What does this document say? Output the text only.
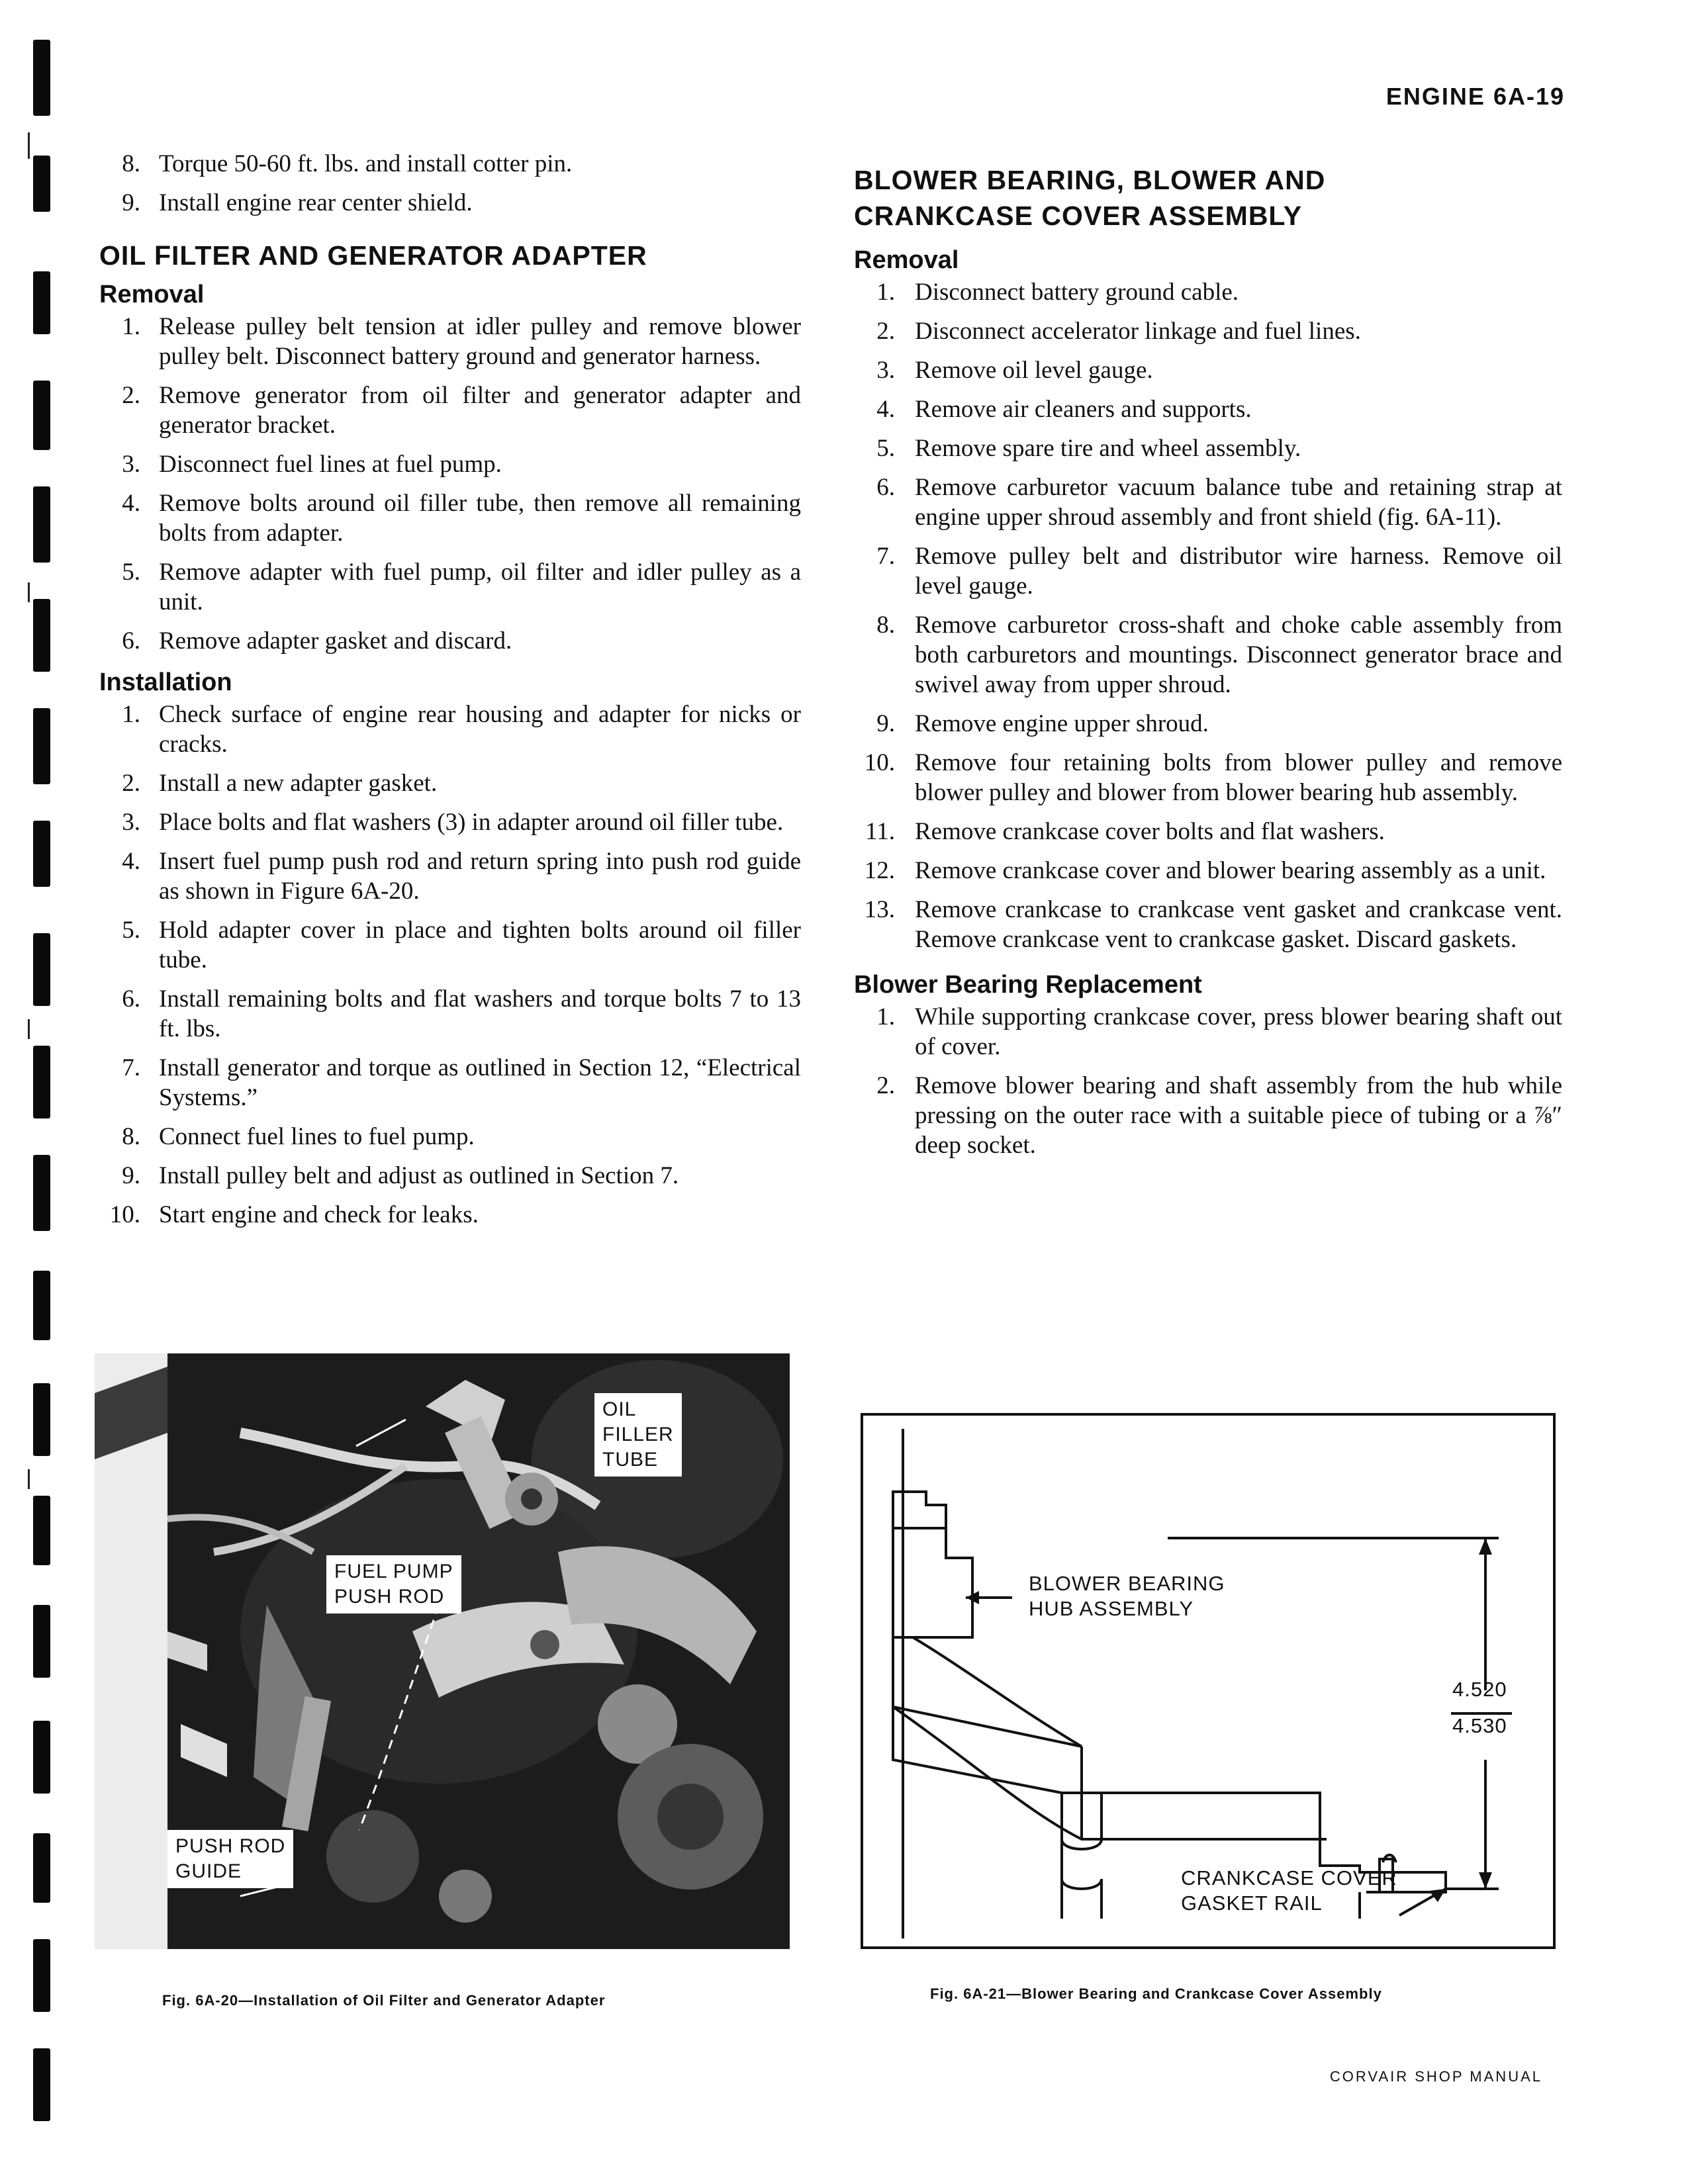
ENGINE 6A-19
8. Torque 50-60 ft. lbs. and install cotter pin.
9. Install engine rear center shield.
OIL FILTER AND GENERATOR ADAPTER
Removal
1. Release pulley belt tension at idler pulley and remove blower pulley belt. Disconnect battery ground and generator harness.
2. Remove generator from oil filter and generator adapter and generator bracket.
3. Disconnect fuel lines at fuel pump.
4. Remove bolts around oil filler tube, then remove all remaining bolts from adapter.
5. Remove adapter with fuel pump, oil filter and idler pulley as a unit.
6. Remove adapter gasket and discard.
Installation
1. Check surface of engine rear housing and adapter for nicks or cracks.
2. Install a new adapter gasket.
3. Place bolts and flat washers (3) in adapter around oil filler tube.
4. Insert fuel pump push rod and return spring into push rod guide as shown in Figure 6A-20.
5. Hold adapter cover in place and tighten bolts around oil filler tube.
6. Install remaining bolts and flat washers and torque bolts 7 to 13 ft. lbs.
7. Install generator and torque as outlined in Section 12, “Electrical Systems.”
8. Connect fuel lines to fuel pump.
9. Install pulley belt and adjust as outlined in Section 7.
10. Start engine and check for leaks.
BLOWER BEARING, BLOWER AND
CRANKCASE COVER ASSEMBLY
Removal
1. Disconnect battery ground cable.
2. Disconnect accelerator linkage and fuel lines.
3. Remove oil level gauge.
4. Remove air cleaners and supports.
5. Remove spare tire and wheel assembly.
6. Remove carburetor vacuum balance tube and retaining strap at engine upper shroud assembly and front shield (fig. 6A-11).
7. Remove pulley belt and distributor wire harness. Remove oil level gauge.
8. Remove carburetor cross-shaft and choke cable assembly from both carburetors and mountings. Disconnect generator brace and swivel away from upper shroud.
9. Remove engine upper shroud.
10. Remove four retaining bolts from blower pulley and remove blower pulley and blower from blower bearing hub assembly.
11. Remove crankcase cover bolts and flat washers.
12. Remove crankcase cover and blower bearing assembly as a unit.
13. Remove crankcase to crankcase vent gasket and crankcase vent. Remove crankcase vent to crankcase gasket. Discard gaskets.
Blower Bearing Replacement
1. While supporting crankcase cover, press blower bearing shaft out of cover.
2. Remove blower bearing and shaft assembly from the hub while pressing on the outer race with a suitable piece of tubing or a ⅞″ deep socket.
OIL
FILLER
TUBE
FUEL PUMP
PUSH ROD
PUSH ROD
GUIDE
Fig. 6A-20—Installation of Oil Filter and Generator Adapter
BLOWER BEARING
HUB ASSEMBLY
4.520
4.530
CRANKCASE COVER
GASKET RAIL
Fig. 6A-21—Blower Bearing and Crankcase Cover Assembly
CORVAIR SHOP MANUAL
